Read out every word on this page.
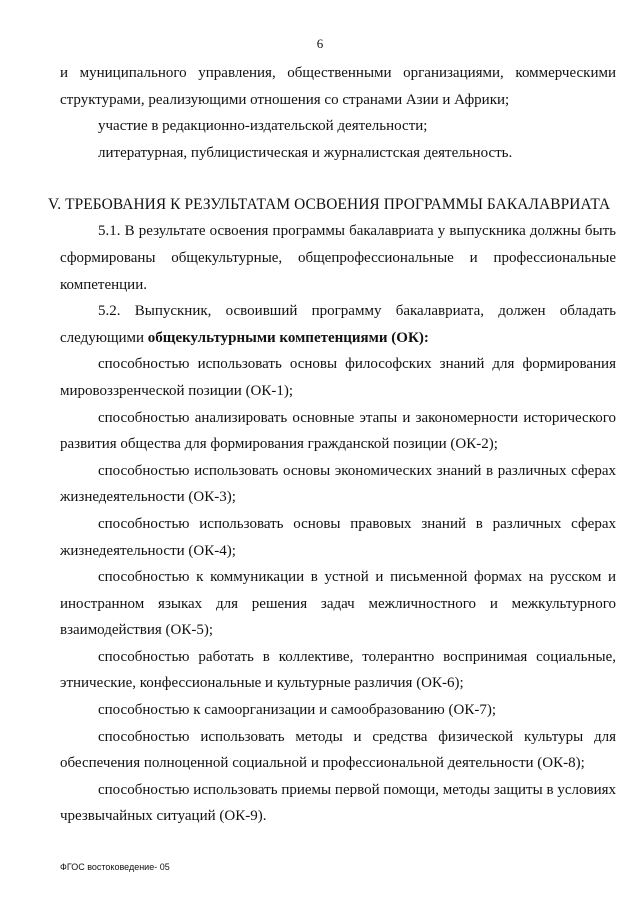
6

и муниципального управления, общественными организациями, коммерческими структурами, реализующими отношения со странами Азии и Африки;

участие в редакционно-издательской деятельности;

литературная, публицистическая и журналистская деятельность.

V. ТРЕБОВАНИЯ К РЕЗУЛЬТАТАМ ОСВОЕНИЯ ПРОГРАММЫ БАКАЛАВРИАТА

5.1. В результате освоения программы бакалавриата у выпускника должны быть сформированы общекультурные, общепрофессиональные и профессиональные компетенции.

5.2. Выпускник, освоивший программу бакалавриата, должен обладать следующими общекультурными компетенциями (ОК):

способностью использовать основы философских знаний для формирования мировоззренческой позиции (ОК-1);

способностью анализировать основные этапы и закономерности исторического развития общества для формирования гражданской позиции (ОК-2);

способностью использовать основы экономических знаний в различных сферах жизнедеятельности (ОК-3);

способностью использовать основы правовых знаний в различных сферах жизнедеятельности (ОК-4);

способностью к коммуникации в устной и письменной формах на русском и иностранном языках для решения задач межличностного и межкультурного взаимодействия (ОК-5);

способностью работать в коллективе, толерантно воспринимая социальные, этнические, конфессиональные и культурные различия (ОК-6);

способностью к самоорганизации и самообразованию (ОК-7);

способностью использовать методы и средства физической культуры для обеспечения полноценной социальной и профессиональной деятельности (ОК-8);

способностью использовать приемы первой помощи, методы защиты в условиях чрезвычайных ситуаций (ОК-9).

ФГОС востоковедение- 05
